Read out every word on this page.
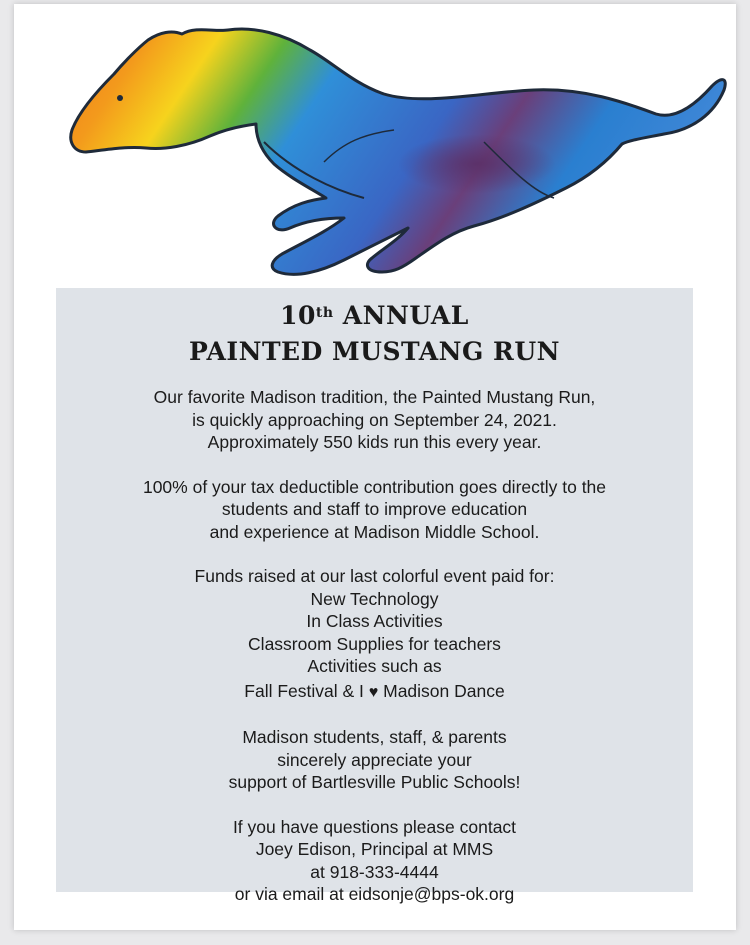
10th ANNUAL
PAINTED MUSTANG RUN

Our favorite Madison tradition, the Painted Mustang Run,

is quickly approaching on September 24, 2021.

Approximately 550 kids run this every year.

100% of your tax deductible contribution goes directly to the

students and staff to improve education

and experience at Madison Middle School.

Funds raised at our last colorful event paid for:

New Technology

In Class Activities

Classroom Supplies for teachers

Activities such as

Fall Festival & I ♥ Madison Dance

Madison students, staff, & parents

sincerely appreciate your

support of Bartlesville Public Schools!

If you have questions please contact

Joey Edison, Principal at MMS

at 918-333-4444

or via email at eidsonje@bps-ok.org
